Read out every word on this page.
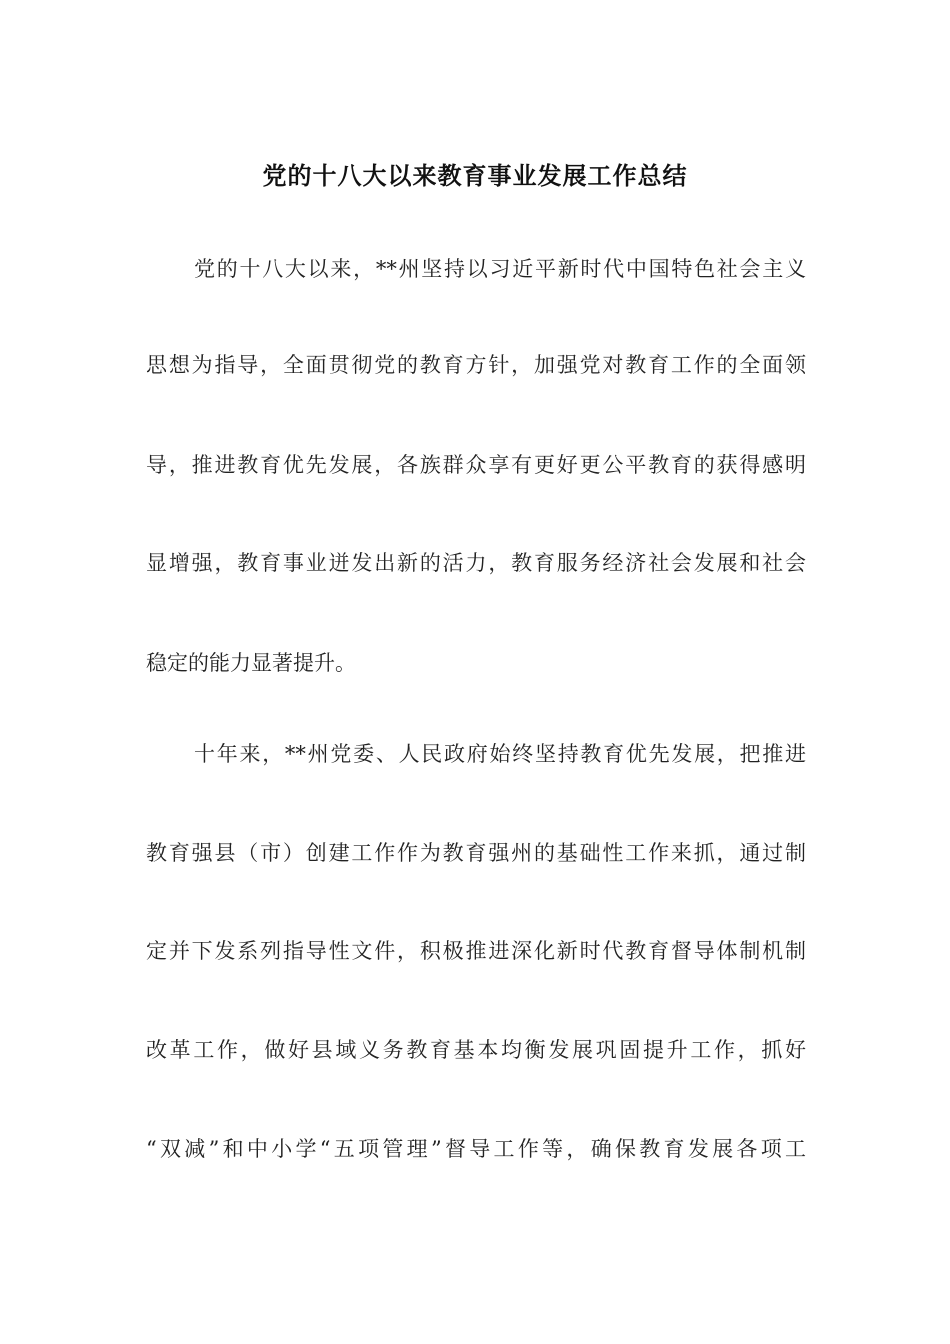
党的十八大以来教育事业发展工作总结
党的十八大以来，**州坚持以习近平新时代中国特色社会主义
思想为指导，全面贯彻党的教育方针，加强党对教育工作的全面领
导，推进教育优先发展，各族群众享有更好更公平教育的获得感明
显增强，教育事业迸发出新的活力，教育服务经济社会发展和社会
稳定的能力显著提升。
十年来，**州党委、人民政府始终坚持教育优先发展，把推进
教育强县（市）创建工作作为教育强州的基础性工作来抓，通过制
定并下发系列指导性文件，积极推进深化新时代教育督导体制机制
改革工作，做好县域义务教育基本均衡发展巩固提升工作，抓好
“双减”和中小学“五项管理”督导工作等，确保教育发展各项工
